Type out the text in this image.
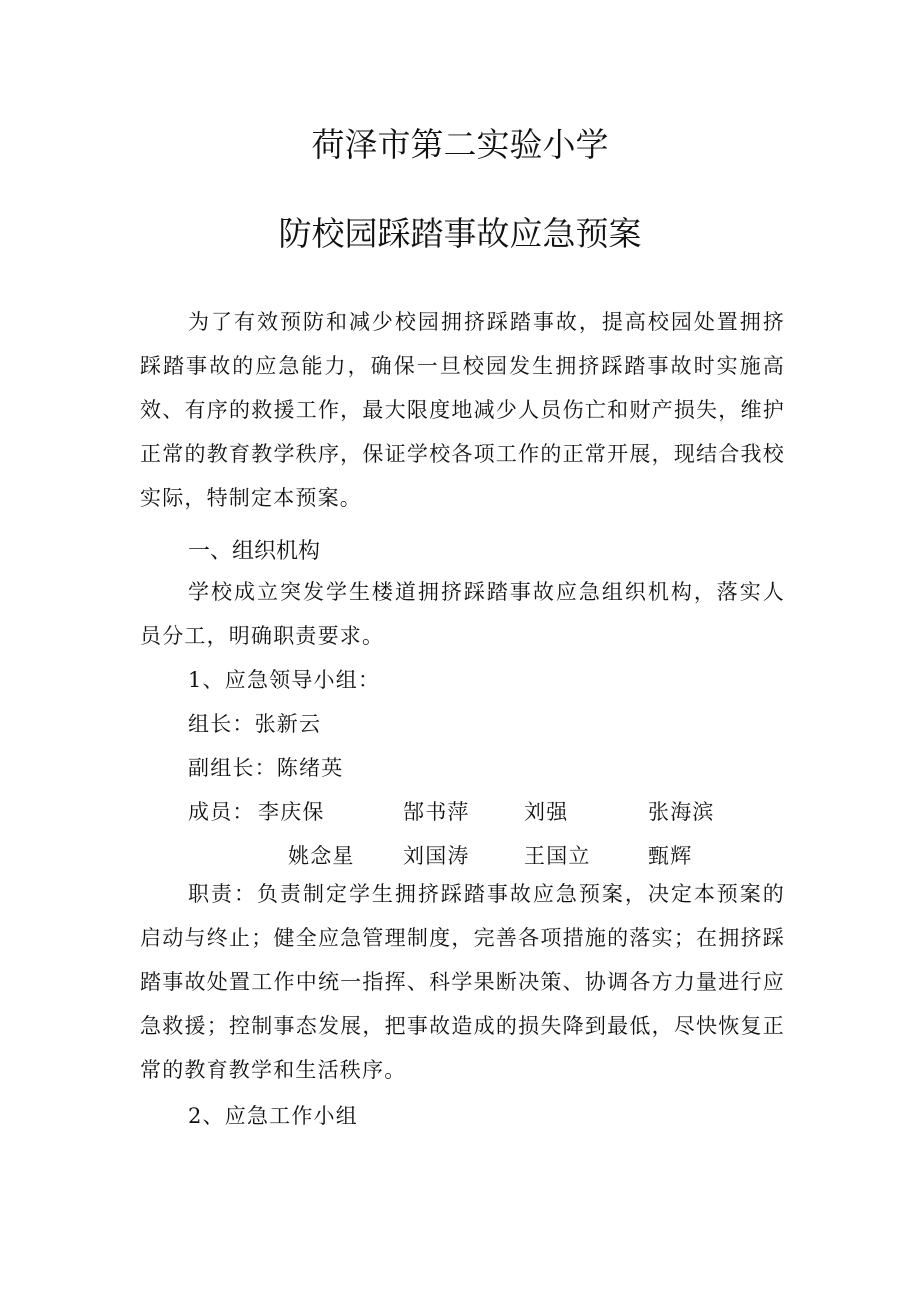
荷泽市第二实验小学
防校园踩踏事故应急预案

为了有效预防和减少校园拥挤踩踏事故，提高校园处置拥挤踩踏事故的应急能力，确保一旦校园发生拥挤踩踏事故时实施高效、有序的救援工作，最大限度地减少人员伤亡和财产损失，维护正常的教育教学秩序，保证学校各项工作的正常开展，现结合我校实际，特制定本预案。

一、组织机构

学校成立突发学生楼道拥挤踩踏事故应急组织机构，落实人员分工，明确职责要求。

1、应急领导小组：
组长：张新云
副组长：陈绪英
成员： 李庆保	郜书萍	刘强	张海滨
姚念星 刘国涛	王国立	甄辉

职责：负责制定学生拥挤踩踏事故应急预案，决定本预案的启动与终止；健全应急管理制度，完善各项措施的落实；在拥挤踩踏事故处置工作中统一指挥、科学果断决策、协调各方力量进行应急救援；控制事态发展，把事故造成的损失降到最低，尽快恢复正常的教育教学和生活秩序。

2、应急工作小组
